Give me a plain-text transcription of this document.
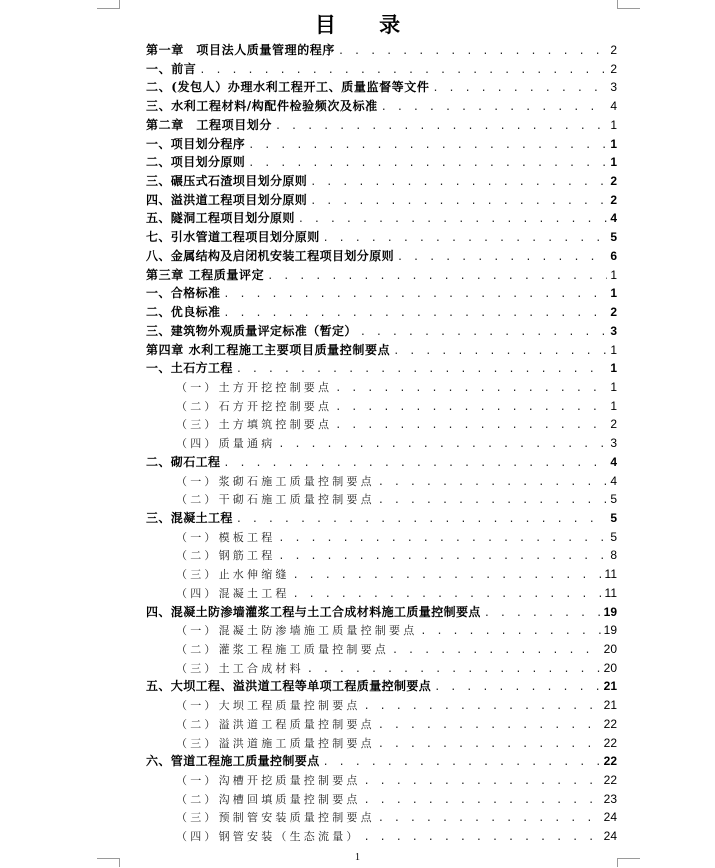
目 录
第一章　项目法人质量管理的程序 . . .	2
一、前言 . . .	2
二、(发包人）办理水利工程开工、质量监督等文件 . . .	3
三、水利工程材料/构配件检验频次及标准 . . .	4
第二章　工程项目划分 . . .	1
一、项目划分程序 . . .	1
二、项目划分原则 . . .	1
三、碾压式石渣坝目划分原则 . . .	2
四、溢洪道工程项目划分原则 . . .	2
五、隧洞工程项目划分原则 . . .	4
七、引水管道工程项目划分原则 . . .	5
八、金属结构及启闭机安装工程项目划分原则 . . .	6
第三章 工程质量评定 . . .	1
一、合格标准 . . .	1
二、优良标准 . . .	2
三、建筑物外观质量评定标准（暂定） . . .	3
第四章 水利工程施工主要项目质量控制要点 . . .	1
一、土石方工程 . . .	1
（一）土方开挖控制要点 . . .	1
（二）石方开挖控制要点 . . .	1
（三）土方填筑控制要点 . . .	2
（四）质量通病 . . .	3
二、砌石工程 . . .	4
（一）浆砌石施工质量控制要点 . . .	4
（二）干砌石施工质量控制要点 . . .	5
三、混凝土工程 . . .	5
（一）模板工程 . . .	5
（二）钢筋工程 . . .	8
（三）止水伸缩缝 . . .	11
（四）混凝土工程 . . .	11
四、混凝土防渗墙灌浆工程与土工合成材料施工质量控制要点 . . .	19
（一）混凝土防渗墙施工质量控制要点 . . .	19
（二）灌浆工程施工质量控制要点 . . .	20
（三）土工合成材料 . . .	20
五、大坝工程、溢洪道工程等单项工程质量控制要点 . . .	21
（一）大坝工程质量控制要点 . . .	21
（二）溢洪道工程质量控制要点 . . .	22
（三）溢洪道施工质量控制要点 . . .	22
六、管道工程施工质量控制要点 . . .	22
（一）沟槽开挖质量控制要点 . . .	22
（二）沟槽回填质量控制要点 . . .	23
（三）预制管安装质量控制要点 . . .	24
（四）钢管安装（生态流量） . . .	24
1
